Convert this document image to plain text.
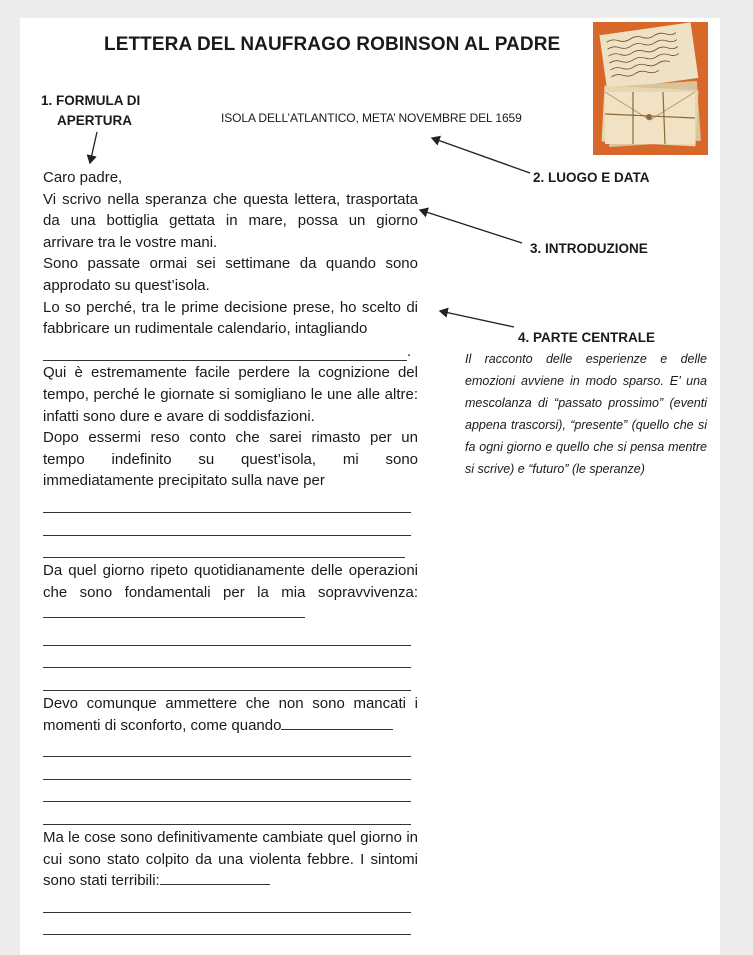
LETTERA DEL NAUFRAGO ROBINSON AL PADRE
1. FORMULA DI
APERTURA	ISOLA DELL’ATLANTICO, META’ NOVEMBRE DEL 1659
2. LUOGO E DATA
3. INTRODUZIONE
4. PARTE CENTRALE
Il racconto delle esperienze e delle emozioni avviene in modo sparso. E’ una mescolanza di “passato prossimo” (eventi appena trascorsi), “presente” (quello che si fa ogni giorno e quello che si pensa mentre si scrive) e “futuro” (le speranze)

Caro padre,

Vi scrivo nella speranza che questa lettera, trasportata da una bottiglia gettata in mare, possa un giorno arrivare tra le vostre mani.

Sono passate ormai sei settimane da quando sono approdato su quest’isola.

Lo so perché, tra le prime decisione prese, ho scelto di fabbricare un rudimentale calendario, intagliando

.

Qui è estremamente facile perdere la cognizione del tempo, perché le giornate si somigliano le une alle altre: infatti sono dure e avare di soddisfazioni.

Dopo essermi reso conto che sarei rimasto per un tempo indefinito su quest’isola, mi sono immediatamente precipitato sulla nave per

Da quel giorno ripeto quotidianamente delle operazioni che sono fondamentali per la mia sopravvivenza:

Devo comunque ammettere che non sono mancati i momenti di sconforto, come quando

Ma le cose sono definitivamente cambiate quel giorno in cui sono stato colpito da una violenta febbre. I sintomi sono stati terribili:
